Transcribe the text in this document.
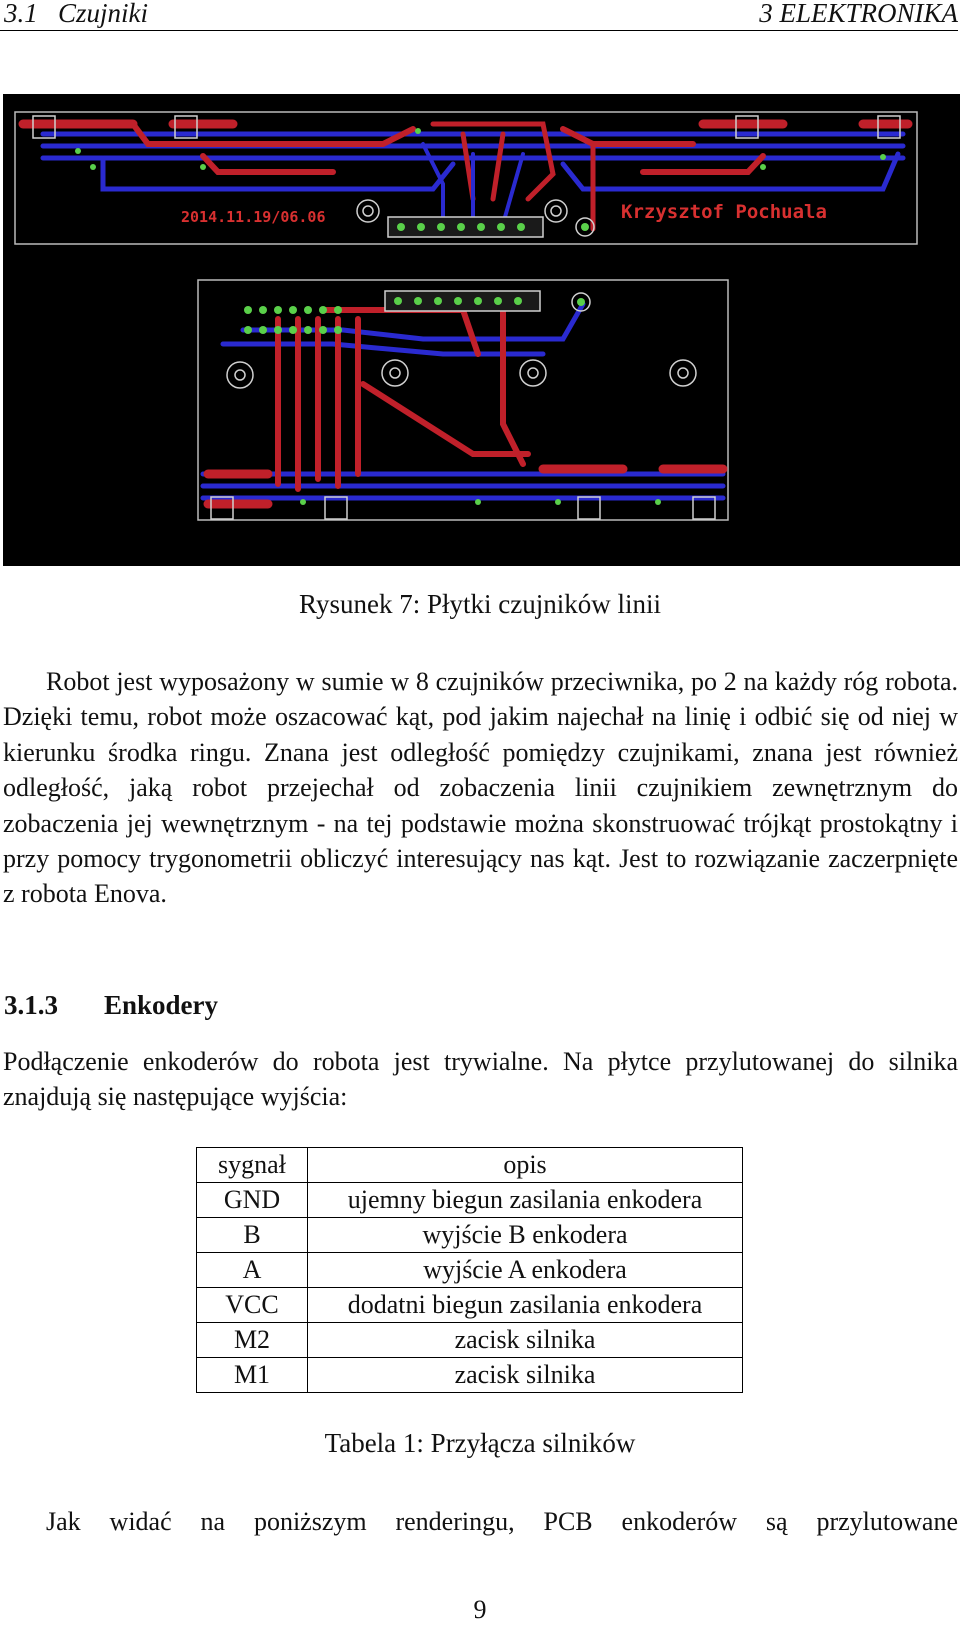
3.1   Czujniki	3 ELEKTRONIKA
2014.11.19/06.06	Krzysztof Pochuala
Rysunek 7: Płytki czujników linii
Robot jest wyposażony w sumie w 8 czujników przeciwnika, po 2 na każdy róg robota. Dzięki temu, robot może oszacować kąt, pod jakim najechał na linię i odbić się od niej w kierunku środka ringu. Znana jest odległość pomiędzy czujnikami, znana jest również odległość, jaką robot przejechał od zobaczenia linii czujnikiem zewnętrznym do zobaczenia jej wewnętrznym - na tej podstawie można skonstruować trójkąt prostokątny i przy pomocy trygonometrii obliczyć interesujący nas kąt. Jest to rozwiązanie zaczerpnięte z robota Enova.
3.1.3 Enkodery
Podłączenie enkoderów do robota jest trywialne. Na płytce przylutowanej do silnika znajdują się następujące wyjścia:
sygnał	opis
GND	ujemny biegun zasilania enkodera
B	wyjście B enkodera
A	wyjście A enkodera
VCC	dodatni biegun zasilania enkodera
M2	zacisk silnika
M1	zacisk silnika
Tabela 1: Przyłącza silników
Jak widać na poniższym renderingu, PCB enkoderów są przylutowane
9
